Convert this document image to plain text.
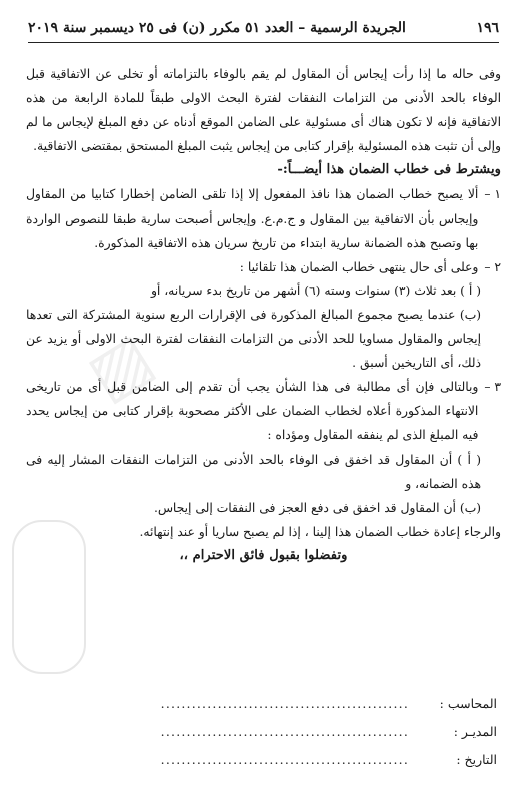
▨
١٩٦
الجريدة الرسمية – العدد ٥١ مكرر (ن) فى ٢٥ ديسمبر سنة ٢٠١٩

وفى حاله ما إذا رأت إيجاس أن المقاول لم يقم بالوفاء بالتزاماته أو تخلى عن الاتفاقية قبل الوفاء بالحد الأدنى من التزامات النفقات لفترة البحث الاولى طبقاً للمادة الرابعة من هذه الاتفاقية فإنه لا تكون هناك أى مسئولية على الضامن الموقع أدناه عن دفع المبلغ لإيجاس ما لم وإلى أن تثبت هذه المسئولية بإقرار كتابى من إيجاس يثبت المبلغ المستحق بمقتضى الاتفاقية.

ويشترط فى خطاب الضمان هذا أيضـــاً:-

١ –
ألا يصبح خطاب الضمان هذا نافذ المفعول إلا إذا تلقى الضامن إخطارا كتابيا من المقاول وإيجاس بأن الاتفاقية بين المقاول و ج.م.ع. وإيجاس أصبحت سارية طبقا للنصوص الواردة بها وتصبح هذه الضمانة سارية ابتداء من تاريخ سريان هذه الاتفاقية المذكورة.
٢ –
وعلى أى حال ينتهى خطاب الضمان هذا تلقائيا :

( أ ) بعد ثلاث (٣) سنوات وسته (٦) أشهر من تاريخ بدء سريانه، أو

(ب) عندما يصبح مجموع المبالغ المذكورة فى الإقرارات الربع سنوية المشتركة التى تعدها إيجاس والمقاول مساويا للحد الأدنى من التزامات النفقات لفترة البحث الاولى أو يزيد عن ذلك، أى التاريخين أسبق .

٣ –
وبالتالى فإن أى مطالبة فى هذا الشأن يجب أن تقدم إلى الضامن قبل أى من تاريخى الانتهاء المذكورة أعلاه لخطاب الضمان على الأكثر مصحوبة بإقرار كتابى من إيجاس يحدد فيه المبلغ الذى لم ينفقه المقاول ومؤداه :

( أ ) أن المقاول قد اخفق فى الوفاء بالحد الأدنى من التزامات النفقات المشار إليه فى هذه الضمانه، و

(ب) أن المقاول قد اخفق فى دفع العجز فى النفقات إلى إيجاس.

والرجاء إعادة خطاب الضمان هذا إلينا ، إذا لم يصبح ساريا أو عند إنتهائه.

وتفضلوا بقبول فائق الاحترام ،،

المحاسب :
................................................
المديـر :
................................................
التاريخ :
................................................
